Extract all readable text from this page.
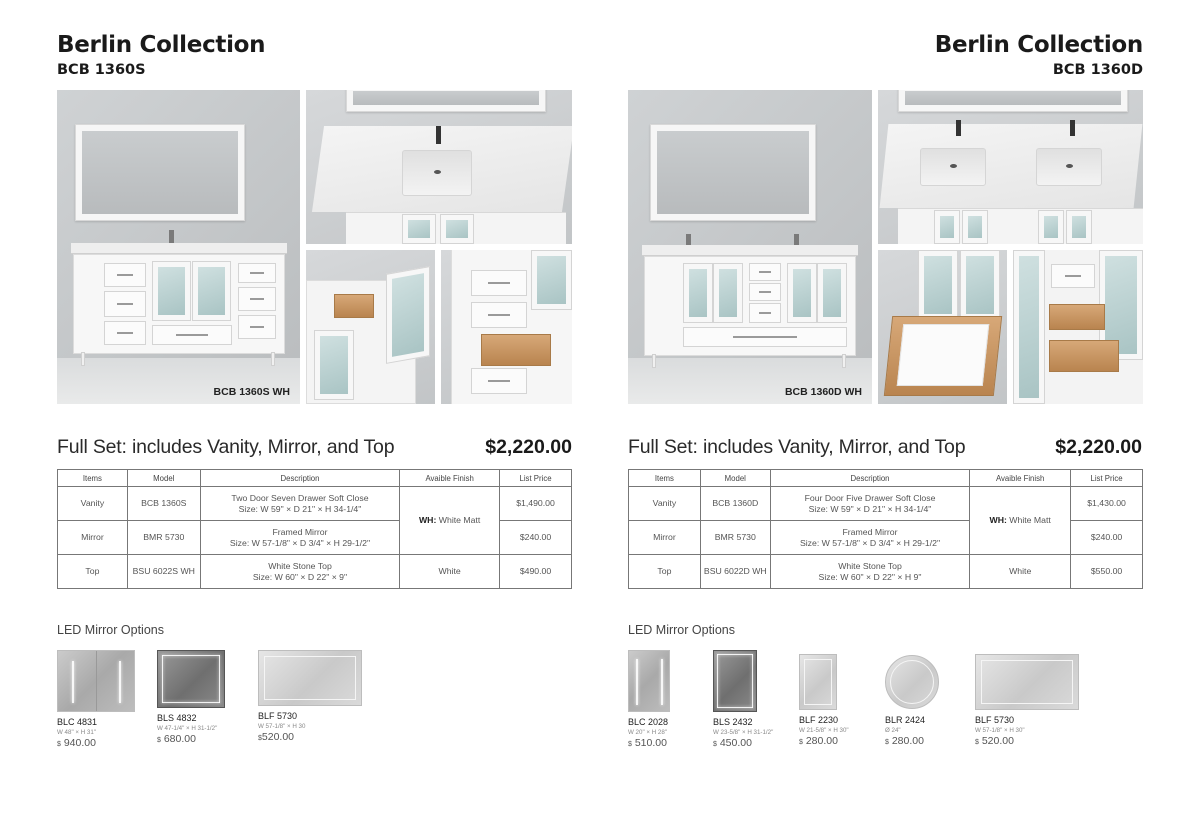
Berlin Collection
BCB 1360S
BCB 1360S WH
Full Set: includes Vanity, Mirror, and Top	$2,220.00
Items	Model	Description	Avaible Finish	List Price
Vanity	BCB 1360S	Two Door Seven Drawer Soft Close
Size: W 59" × D 21" × H 34-1/4"	WH: White Matt	$1,490.00
Mirror	BMR 5730	Framed Mirror
Size: W 57-1/8" × D 3/4" × H 29-1/2"		$240.00
Top	BSU 6022S WH	White Stone Top
Size: W 60" × D 22" × 9"	White	$490.00
LED Mirror Options
BLC 4831
W 48" × H 31"
$ 940.00
BLS 4832
W 47-1/4" × H 31-1/2"
$ 680.00
BLF 5730
W 57-1/8" × H 30
$520.00
Berlin Collection
BCB 1360D
BCB 1360D WH
Full Set: includes Vanity, Mirror, and Top	$2,220.00
Items	Model	Description	Avaible Finish	List Price
Vanity	BCB 1360D	Four Door Five Drawer Soft Close
Size: W 59" × D 21" × H 34-1/4"	WH: White Matt	$1,430.00
Mirror	BMR 5730	Framed Mirror
Size: W 57-1/8" × D 3/4" × H 29-1/2"		$240.00
Top	BSU 6022D WH	White Stone Top
Size: W 60" × D 22" × H 9"	White	$550.00
LED Mirror Options
BLC 2028
W 20" × H 28"
$ 510.00
BLS 2432
W 23-5/8" × H 31-1/2"
$ 450.00
BLF 2230
W 21-5/8" × H 30"
$ 280.00
BLR 2424
Ø 24"
$ 280.00
BLF 5730
W 57-1/8" × H 30"
$ 520.00
